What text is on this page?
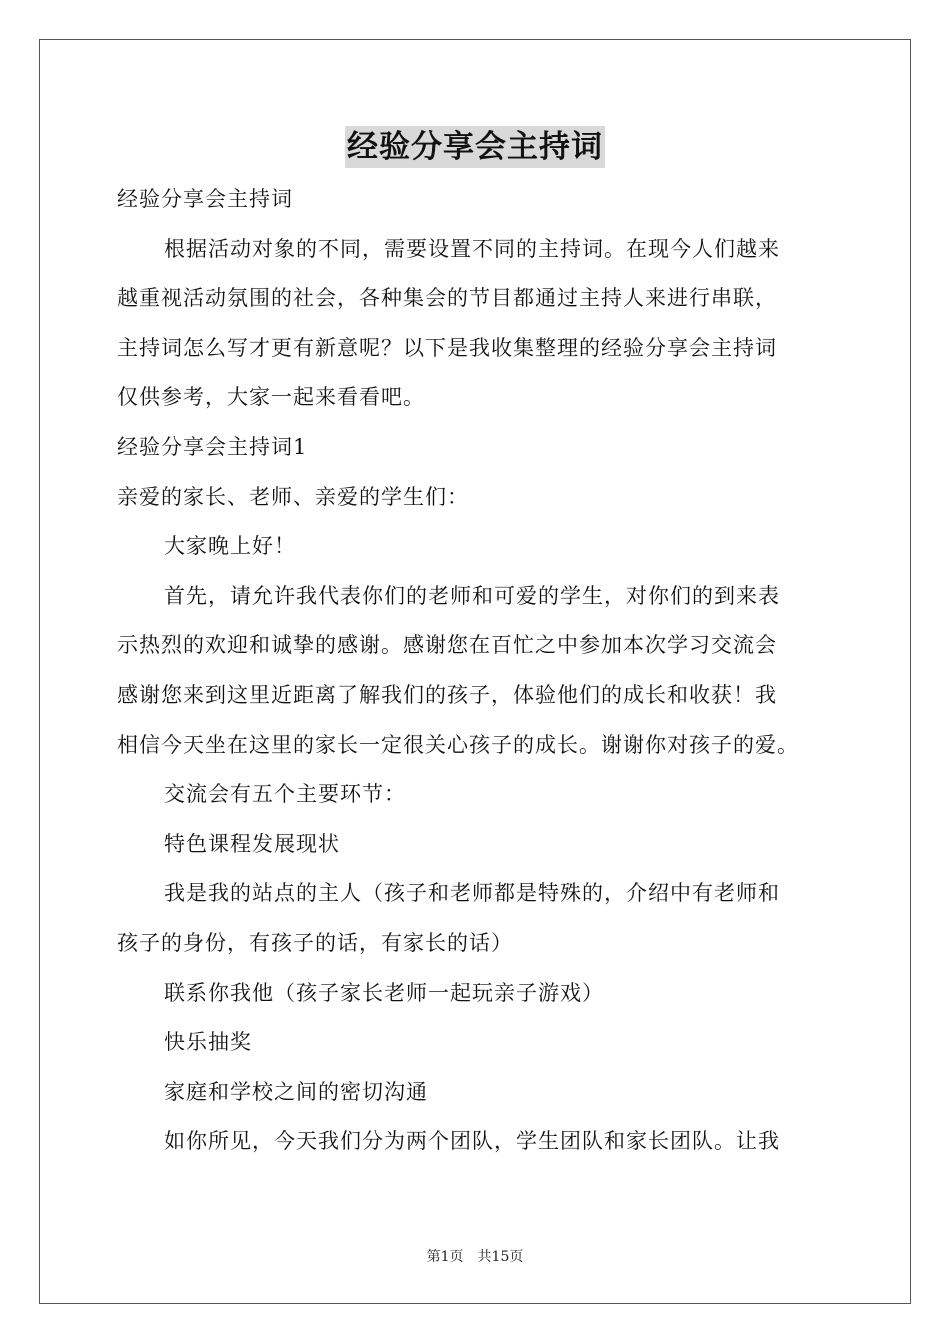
经验分享会主持词
经验分享会主持词
根据活动对象的不同，需要设置不同的主持词。在现今人们越来
越重视活动氛围的社会，各种集会的节目都通过主持人来进行串联，
主持词怎么写才更有新意呢？以下是我收集整理的经验分享会主持词
仅供参考，大家一起来看看吧。
经验分享会主持词1
亲爱的家长、老师、亲爱的学生们：
大家晚上好！
首先，请允许我代表你们的老师和可爱的学生，对你们的到来表
示热烈的欢迎和诚挚的感谢。感谢您在百忙之中参加本次学习交流会
感谢您来到这里近距离了解我们的孩子，体验他们的成长和收获！我
相信今天坐在这里的家长一定很关心孩子的成长。谢谢你对孩子的爱。
交流会有五个主要环节：
特色课程发展现状
我是我的站点的主人（孩子和老师都是特殊的，介绍中有老师和
孩子的身份，有孩子的话，有家长的话）
联系你我他（孩子家长老师一起玩亲子游戏）
快乐抽奖
家庭和学校之间的密切沟通
如你所见，今天我们分为两个团队，学生团队和家长团队。让我
第1页 共15页
